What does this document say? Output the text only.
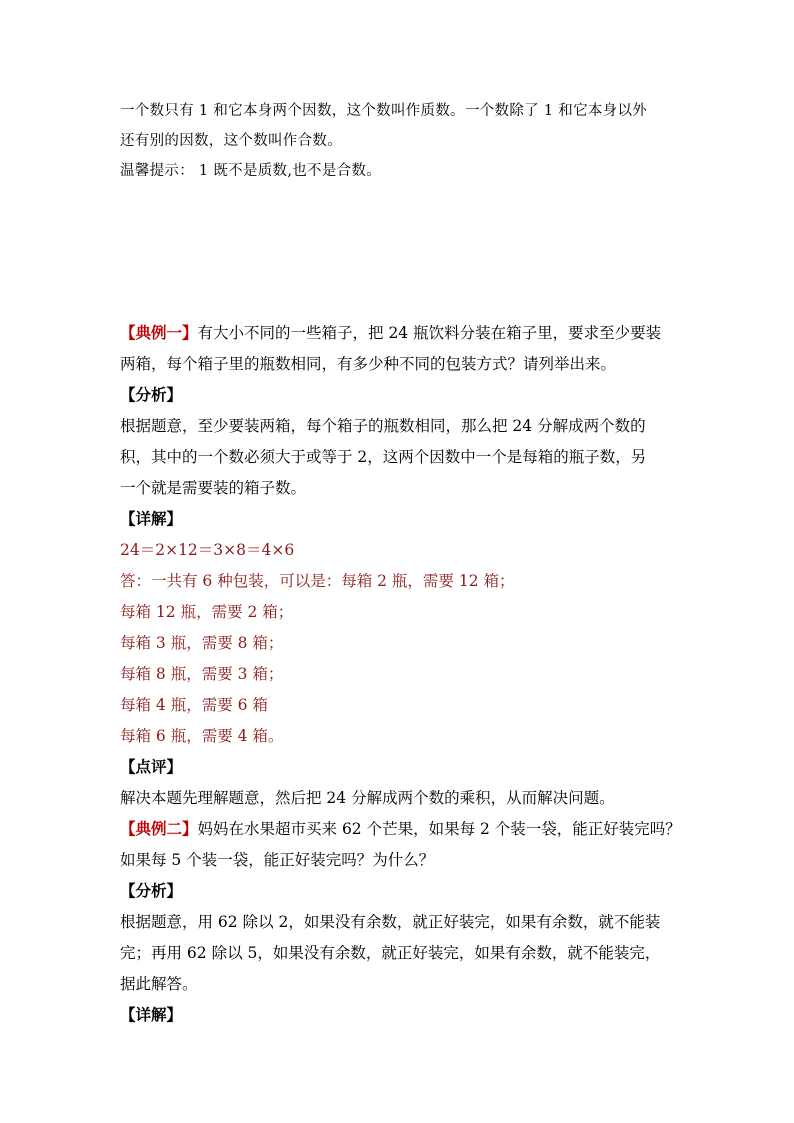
一个数只有 1 和它本身两个因数，这个数叫作质数。一个数除了 1 和它本身以外

还有别的因数，这个数叫作合数。

温馨提示： 1 既不是质数,也不是合数。

【典例一】有大小不同的一些箱子，把 24 瓶饮料分装在箱子里，要求至少要装

两箱，每个箱子里的瓶数相同，有多少种不同的包装方式？请列举出来。

【分析】

根据题意，至少要装两箱，每个箱子的瓶数相同，那么把 24 分解成两个数的

积，其中的一个数必须大于或等于 2，这两个因数中一个是每箱的瓶子数，另

一个就是需要装的箱子数。

【详解】

24＝2×12＝3×8＝4×6

答：一共有 6 种包装，可以是：每箱 2 瓶，需要 12 箱；

每箱 12 瓶，需要 2 箱；

每箱 3 瓶，需要 8 箱；

每箱 8 瓶，需要 3 箱；

每箱 4 瓶，需要 6 箱

每箱 6 瓶，需要 4 箱。

【点评】

解决本题先理解题意，然后把 24 分解成两个数的乘积，从而解决问题。

【典例二】妈妈在水果超市买来 62 个芒果，如果每 2 个装一袋，能正好装完吗？

如果每 5 个装一袋，能正好装完吗？为什么？

【分析】

根据题意，用 62 除以 2，如果没有余数，就正好装完，如果有余数，就不能装

完；再用 62 除以 5，如果没有余数，就正好装完，如果有余数，就不能装完，

据此解答。

【详解】
